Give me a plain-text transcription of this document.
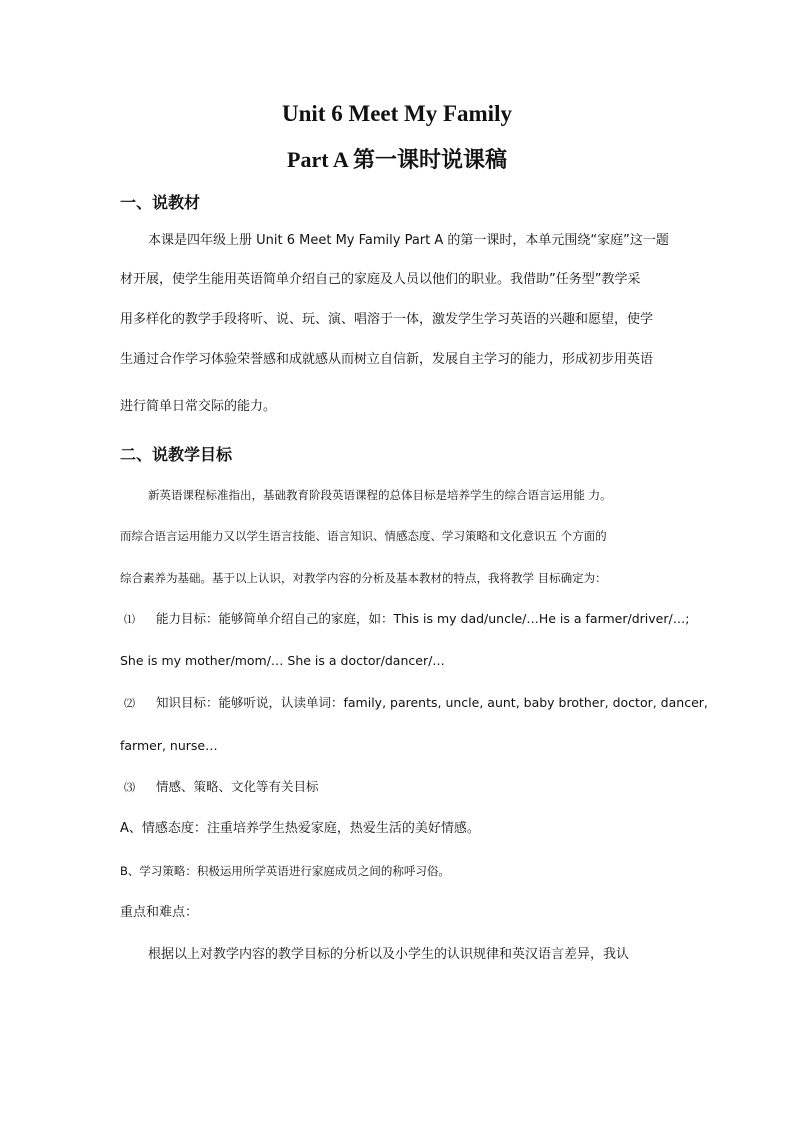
Unit 6 Meet My Family
Part A 第一课时说课稿
一、说教材
本课是四年级上册 Unit 6 Meet My Family Part A 的第一课时，本单元围绕“家庭”这一题
材开展，使学生能用英语简单介绍自己的家庭及人员以他们的职业。我借助”任务型”教学采
用多样化的教学手段将听、说、玩、演、唱溶于一体，激发学生学习英语的兴趣和愿望，使学
生通过合作学习体验荣誉感和成就感从而树立自信新，发展自主学习的能力，形成初步用英语
进行简单日常交际的能力。
二、说教学目标
新英语课程标准指出，基础教育阶段英语课程的总体目标是培养学生的综合语言运用能 力。
而综合语言运用能力又以学生语言技能、语言知识、情感态度、学习策略和文化意识五 个方面的
综合素养为基础。基于以上认识，对教学内容的分析及基本教材的特点，我将教学 目标确定为：
⑴ 能力目标：能够简单介绍自己的家庭，如：This is my dad/uncle/…He is a farmer/driver/…;
She is my mother/mom/… She is a doctor/dancer/…
⑵ 知识目标：能够听说，认读单词：family, parents, uncle, aunt, baby brother, doctor, dancer,
farmer, nurse…
⑶ 情感、策略、文化等有关目标
A、情感态度：注重培养学生热爱家庭，热爱生活的美好情感。
B、学习策略：积极运用所学英语进行家庭成员之间的称呼习俗。
重点和难点：
根据以上对教学内容的教学目标的分析以及小学生的认识规律和英汉语言差异，我认
